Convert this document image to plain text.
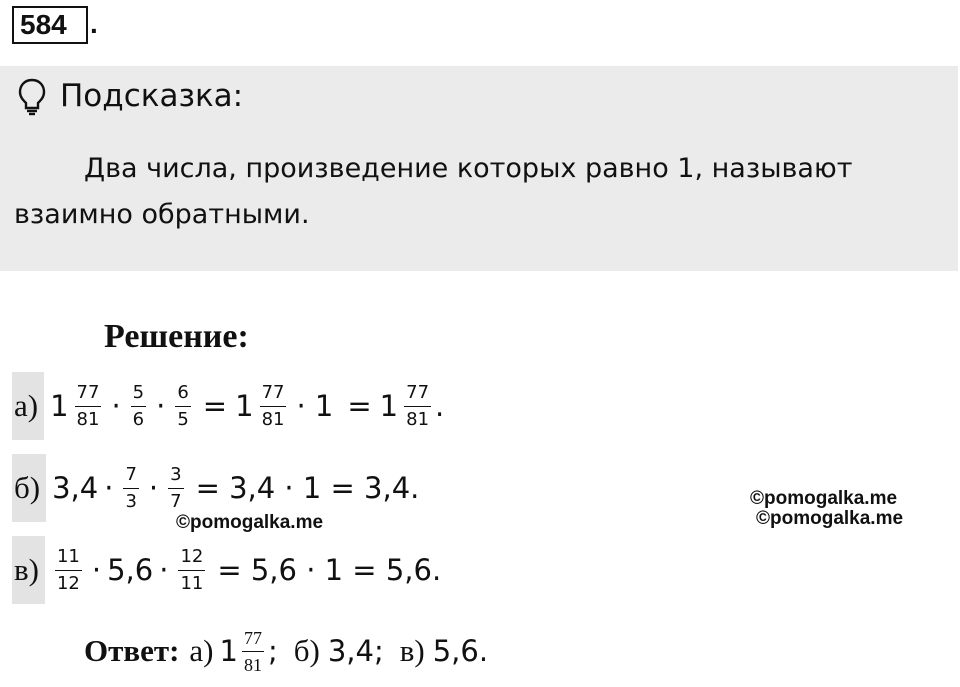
584 .
Подсказка:
Два числа, произведение которых равно 1, называют
взаимно обратными.
Решение:
а) $1 \frac{77}{81} \cdot \frac{5}{6} \cdot \frac{6}{5} = 1 \frac{77}{81} \cdot 1 = 1 \frac{77}{81}$ .
б) $3,4 \cdot \frac{7}{3} \cdot \frac{3}{7} = 3,4 \cdot 1 = 3,4$.
$в) \frac{11}{12} \cdot 5,6 \cdot \frac{12}{11} = 5,6 \cdot 1 = 5,6$.
©pomogalka.me
©pomogalka.me
©pomogalka.me
Ответ: а) $1 \frac{77}{81}$ ; б) 3,4; в) 5,6.
